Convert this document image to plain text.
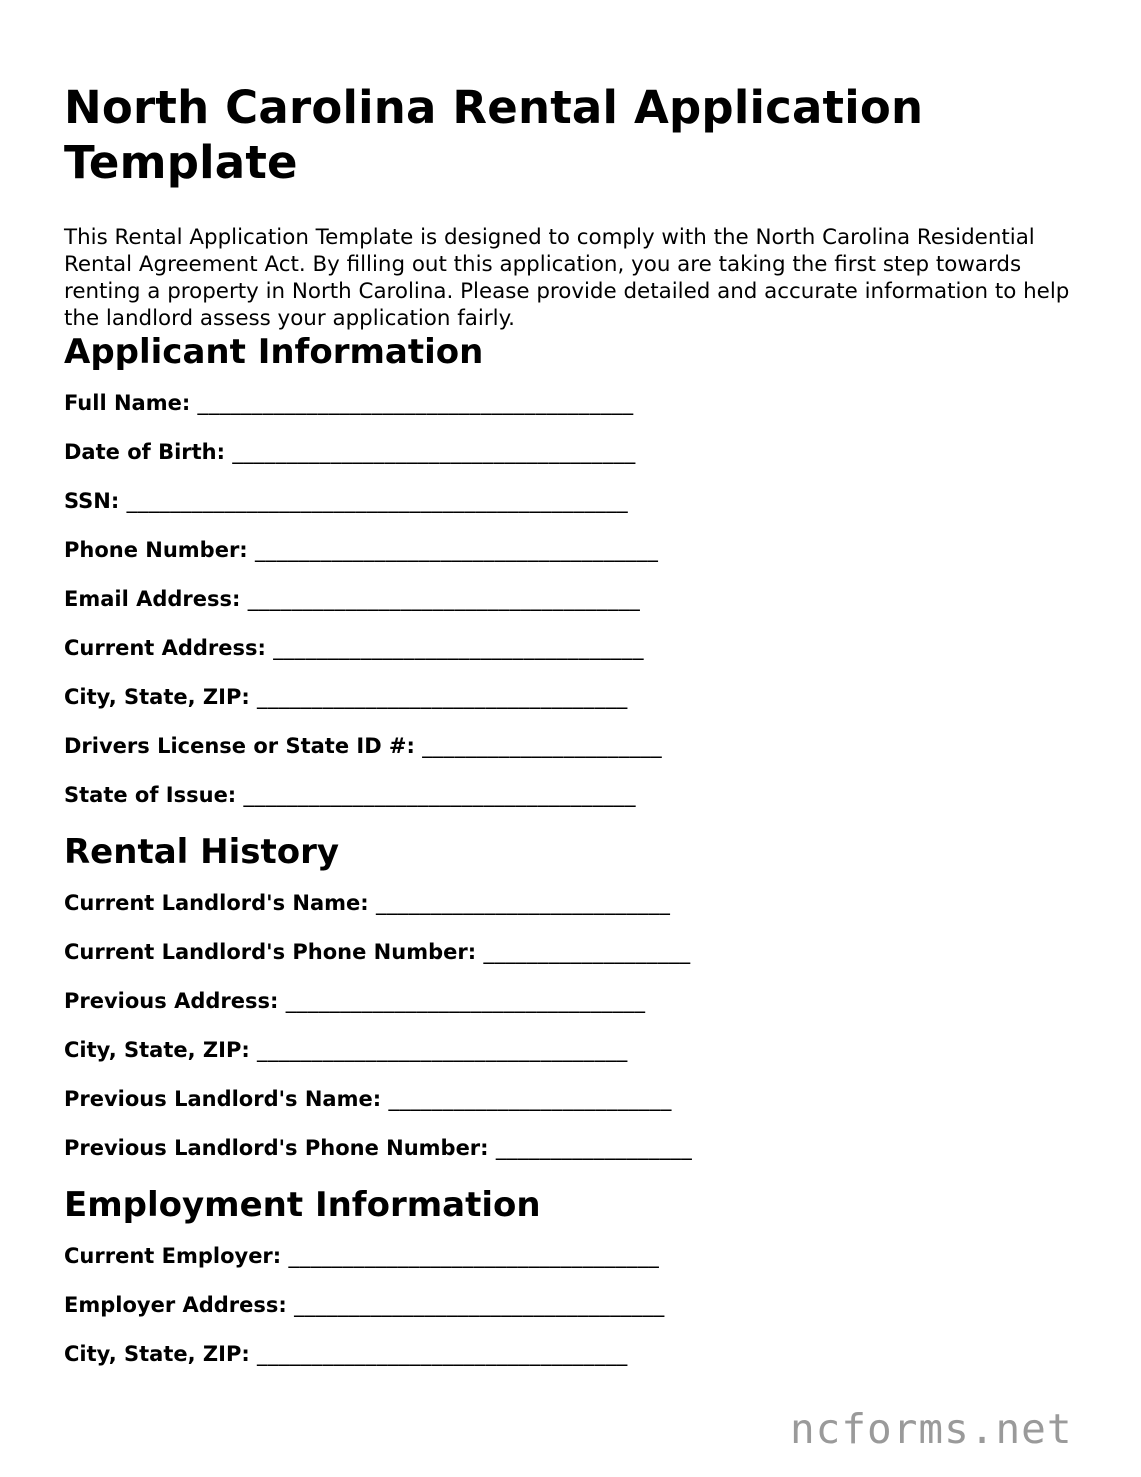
North Carolina Rental Application Template

This Rental Application Template is designed to comply with the North Carolina Residential Rental Agreement Act. By filling out this application, you are taking the first step towards renting a property in North Carolina. Please provide detailed and accurate information to help the landlord assess your application fairly.

Applicant Information
Full Name: ________________________________________
Date of Birth: _____________________________________
SSN: ______________________________________________
Phone Number: _____________________________________
Email Address: ____________________________________
Current Address: __________________________________
City, State, ZIP: __________________________________
Drivers License or State ID #: ______________________
State of Issue: ____________________________________
Rental History
Current Landlord's Name: ___________________________
Current Landlord's Phone Number: ___________________
Previous Address: _________________________________
City, State, ZIP: __________________________________
Previous Landlord's Name: __________________________
Previous Landlord's Phone Number: __________________
Employment Information
Current Employer: __________________________________
Employer Address: __________________________________
City, State, ZIP: __________________________________
ncforms.net
